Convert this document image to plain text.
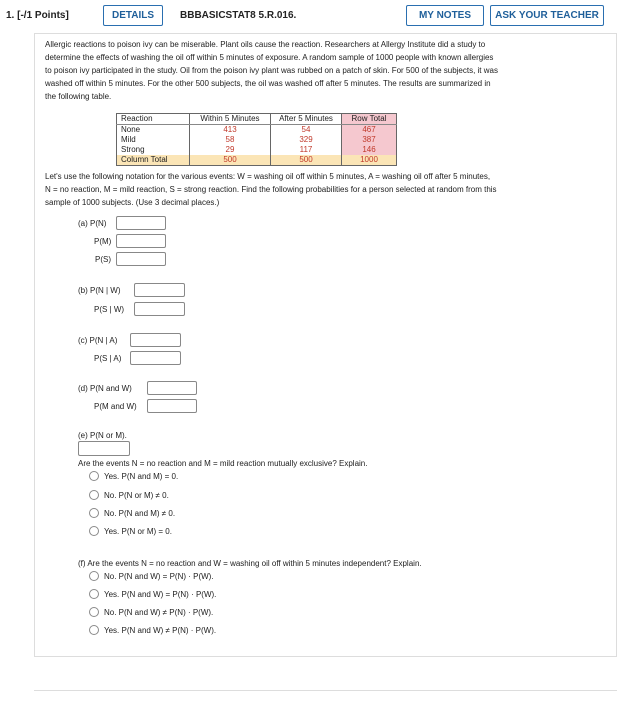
1. [-/1 Points]	DETAILS	BBBASICSTAT8 5.R.016.	MY NOTES	ASK YOUR TEACHER
Allergic reactions to poison ivy can be miserable. Plant oils cause the reaction. Researchers at Allergy Institute did a study to
determine the effects of washing the oil off within 5 minutes of exposure. A random sample of 1000 people with known allergies
to poison ivy participated in the study. Oil from the poison ivy plant was rubbed on a patch of skin. For 500 of the subjects, it was
washed off within 5 minutes. For the other 500 subjects, the oil was washed off after 5 minutes. The results are summarized in
the following table.
Reaction	Within 5 Minutes	After 5 Minutes	Row Total
None	413	54	467
Mild	58	329	387
Strong	29	117	146
Column Total	500	500	1000
Let's use the following notation for the various events: W = washing oil off within 5 minutes, A = washing oil off after 5 minutes,
N = no reaction, M = mild reaction, S = strong reaction. Find the following probabilities for a person selected at random from this
sample of 1000 subjects. (Use 3 decimal places.)
(a) P(N)
P(M)
P(S)
(b) P(N | W)
P(S | W)
(c) P(N | A)
P(S | A)
(d) P(N and W)
P(M and W)
(e) P(N or M).
Are the events N = no reaction and M = mild reaction mutually exclusive? Explain.
Yes. P(N and M) = 0.
No. P(N or M) ≠ 0.
No. P(N and M) ≠ 0.
Yes. P(N or M) = 0.
(f) Are the events N = no reaction and W = washing oil off within 5 minutes independent? Explain.
No. P(N and W) = P(N) · P(W).
Yes. P(N and W) = P(N) · P(W).
No. P(N and W) ≠ P(N) · P(W).
Yes. P(N and W) ≠ P(N) · P(W).
